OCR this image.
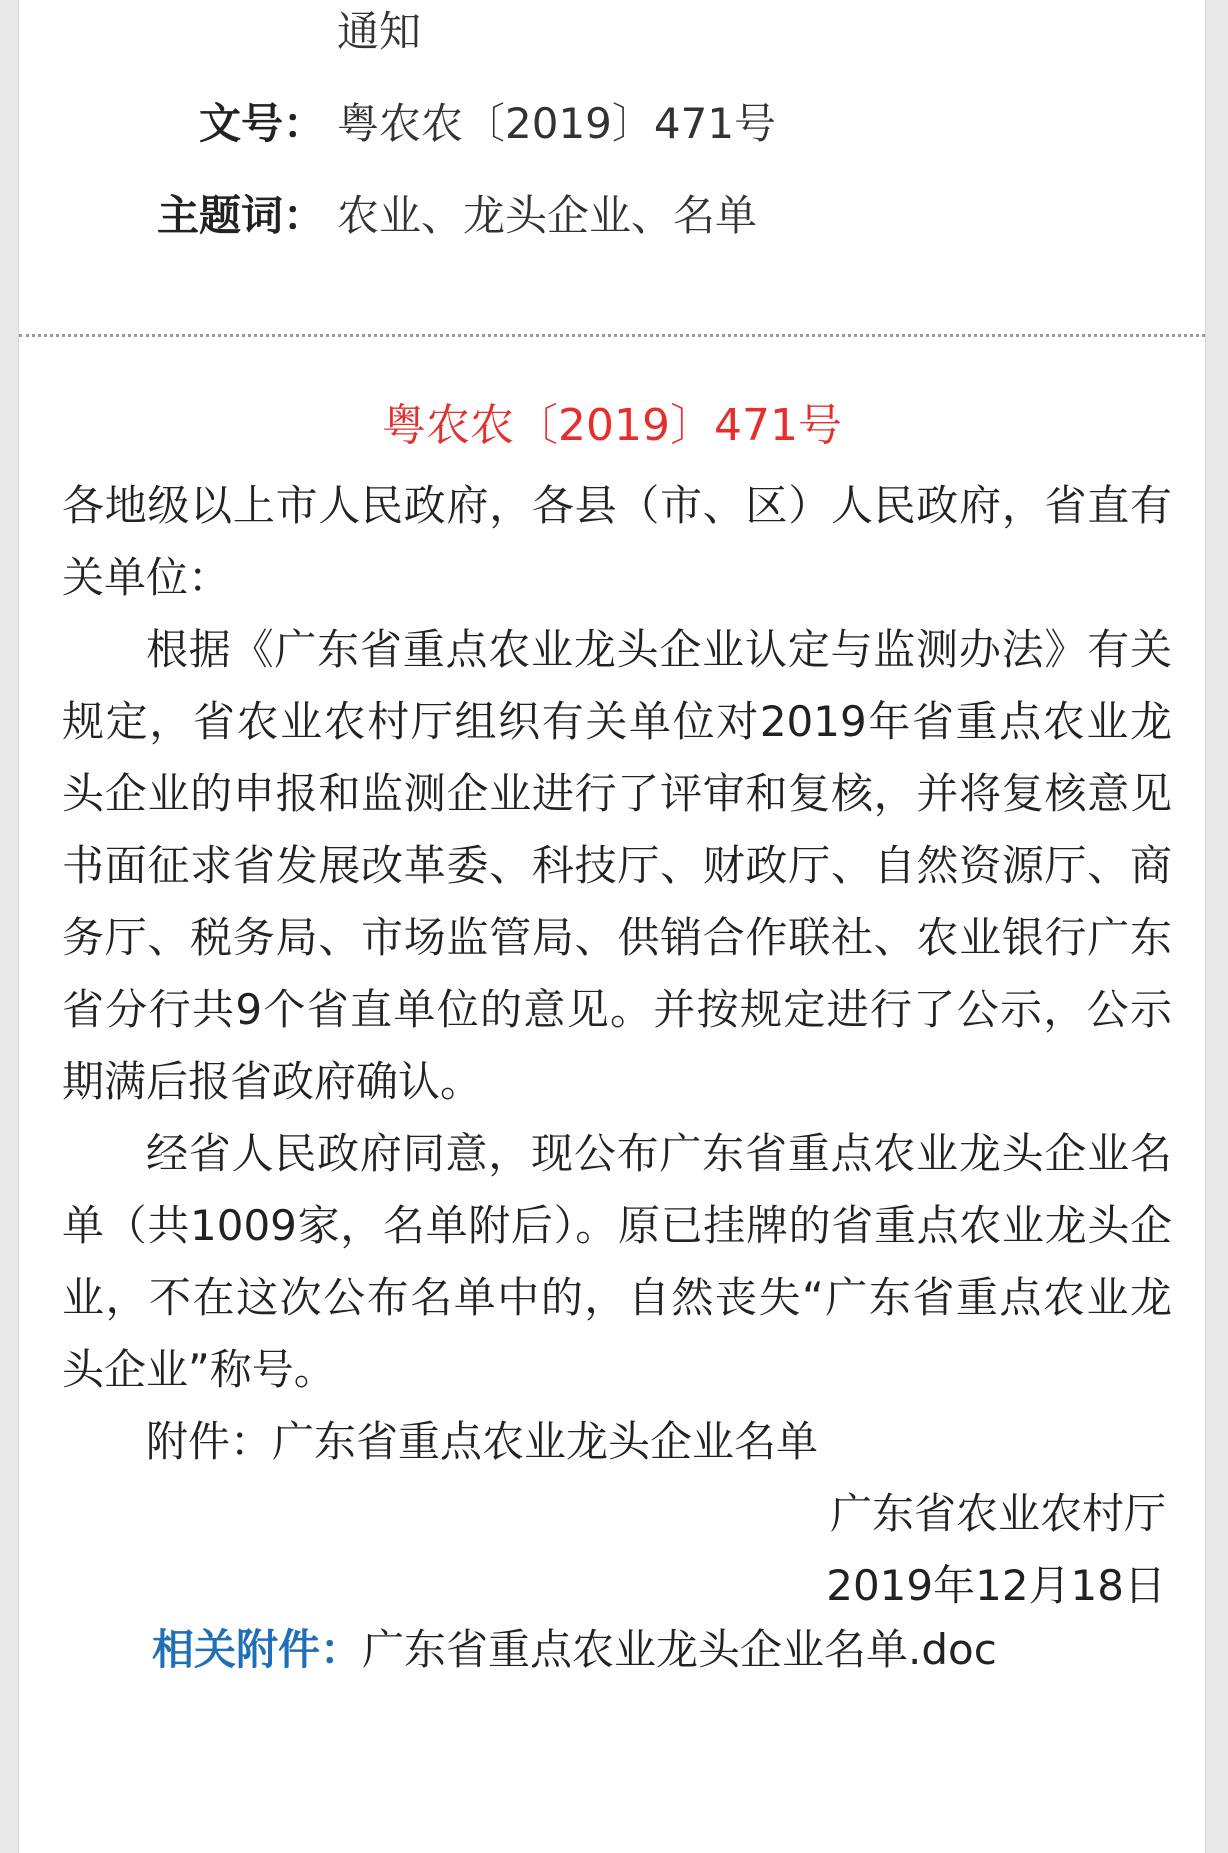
通知
文号： 粤农农〔2019〕471号
主题词： 农业、龙头企业、名单
粤农农〔2019〕471号

各地级以上市人民政府，各县（市、区）人民政府，省直有关单位：

根据《广东省重点农业龙头企业认定与监测办法》有关规定，省农业农村厅组织有关单位对2019年省重点农业龙头企业的申报和监测企业进行了评审和复核，并将复核意见书面征求省发展改革委、科技厅、财政厅、自然资源厅、商务厅、税务局、市场监管局、供销合作联社、农业银行广东省分行共9个省直单位的意见。并按规定进行了公示，公示期满后报省政府确认。

经省人民政府同意，现公布广东省重点农业龙头企业名单（共1009家，名单附后）。原已挂牌的省重点农业龙头企业，不在这次公布名单中的，自然丧失“广东省重点农业龙头企业”称号。

附件：广东省重点农业龙头企业名单

广东省农业农村厅

2019年12月18日

相关附件：广东省重点农业龙头企业名单.doc
